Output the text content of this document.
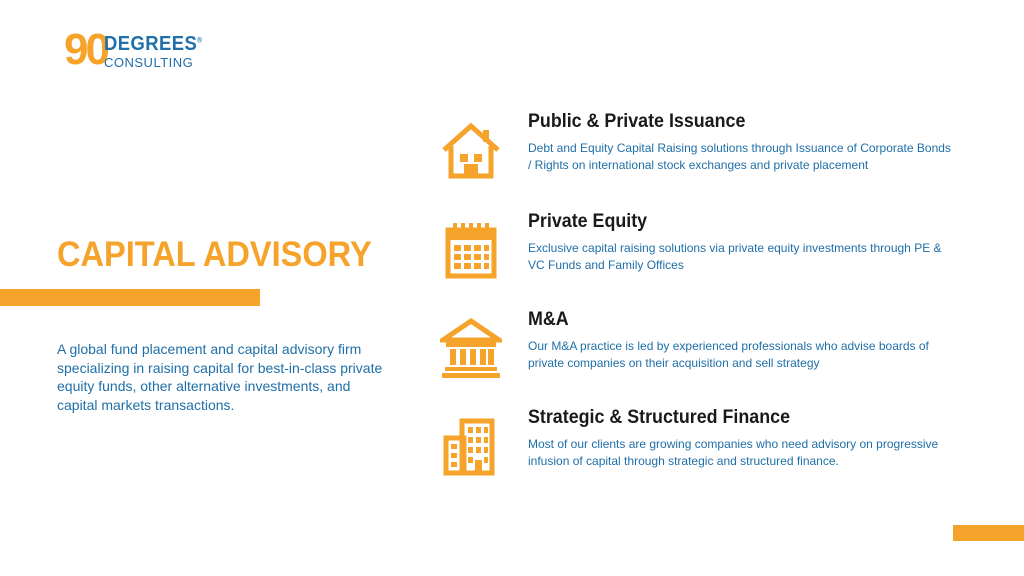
90
DEGREES®
CONSULTING
CAPITAL ADVISORY

A global fund placement and capital advisory firm specializing in raising capital for best-in-class private equity funds, other alternative investments, and capital markets transactions.

Public & Private Issuance

Debt and Equity Capital Raising solutions through Issuance of Corporate Bonds / Rights on international stock exchanges and private placement

Private Equity

Exclusive capital raising solutions via private equity investments through PE & VC Funds and Family Offices

M&A

Our M&A practice is led by experienced professionals who advise boards of private companies on their acquisition and sell strategy

Strategic & Structured Finance

Most of our clients are growing companies who need advisory on progressive infusion of capital through strategic and structured finance.
